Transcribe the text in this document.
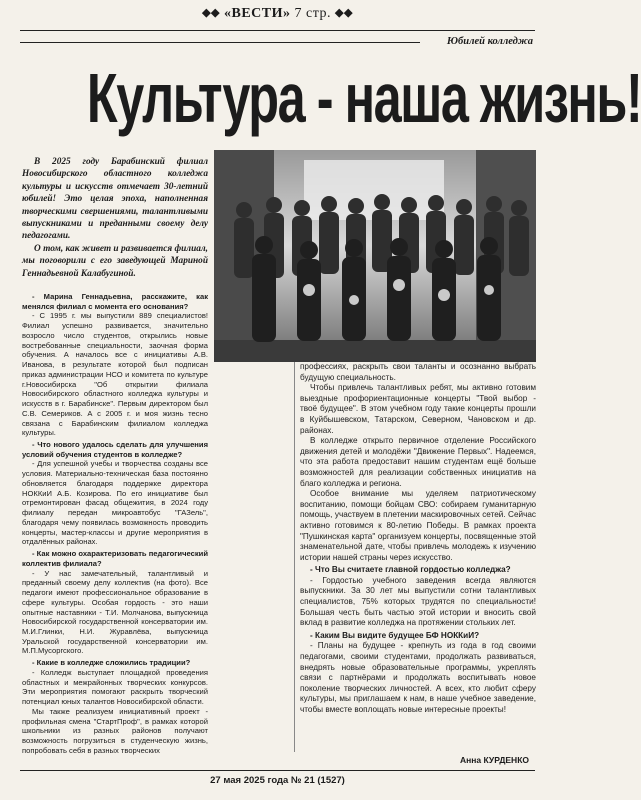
◆◆ «ВЕСТИ» 7 стр. ◆◆
Юбилей колледжа
Культура - наша жизнь!

В 2025 году Барабинский филиал Новосибирского областного колледжа культуры и искусств отмечает 30-летний юбилей! Это целая эпоха, наполненная творческими свершениями, талантливыми выпускниками и преданными своему делу педагогами.

О том, как живет и развивается филиал, мы поговорили с его заведующей Мариной Геннадьевной Калабугиной.

- Марина Геннадьевна, расскажите, как менялся филиал с момента его основания?

- С 1995 г. мы выпустили 889 специалистов! Филиал успешно развивается, значительно возросло число студентов, открылись новые востребованные специальности, заочная форма обучения. А началось все с инициативы А.В. Иванова, в результате которой был подписан приказ администрации НСО и комитета по культуре г.Новосибирска "Об открытии филиала Новосибирского областного колледжа культуры и искусств в г. Барабинске". Первым директором был С.В. Семериков. А с 2005 г. и моя жизнь тесно связана с Барабинским филиалом колледжа культуры.

- Что нового удалось сделать для улучшения условий обучения студентов в колледже?

- Для успешной учебы и творчества созданы все условия. Материально-техническая база постоянно обновляется благодаря поддержке директора НОККиИ А.Б. Козирова. По его инициативе был отремонтирован фасад общежития, в 2024 году филиалу передан микроавтобус "ГАЗель", благодаря чему появилась возможность проводить концерты, мастер-классы и другие мероприятия в отдалённых районах.

- Как можно охарактеризовать педагогический коллектив филиала?

- У нас замечательный, талантливый и преданный своему делу коллектив (на фото). Все педагоги имеют профессиональное образование в сфере культуры. Особая гордость - это наши опытные наставники - Т.И. Молчанова, выпускница Новосибирской государственной консерватории им. М.И.Глинки, Н.И. Журавлёва, выпускница Уральской государственной консерватории им. М.П.Мусоргского.

- Какие в колледже сложились традиции?

- Колледж выступает площадкой проведения областных и межрайонных творческих конкурсов. Эти мероприятия помогают раскрыть творческий потенциал юных талантов Новосибирской области.

Мы также реализуем инициативный проект - профильная смена "СтартПроф", в рамках которой школьники из разных районов получают возможность погрузиться в студенческую жизнь, попробовать себя в разных творческих

профессиях, раскрыть свои таланты и осознанно выбрать будущую специальность.

Чтобы привлечь талантливых ребят, мы активно готовим выездные профориентационные концерты "Твой выбор - твоё будущее". В этом учебном году такие концерты прошли в Куйбышевском, Татарском, Северном, Чановском и др. районах.

В колледже открыто первичное отделение Российского движения детей и молодёжи "Движение Первых". Надеемся, что эта работа предоставит нашим студентам ещё больше возможностей для реализации собственных инициатив на благо колледжа и региона.

Особое внимание мы уделяем патриотическому воспитанию, помощи бойцам СВО: собираем гуманитарную помощь, участвуем в плетении маскировочных сетей. Сейчас активно готовимся к 80-летию Победы. В рамках проекта "Пушкинская карта" организуем концерты, посвященные этой знаменательной дате, чтобы привлечь молодежь к изучению истории нашей страны через искусство.

- Что Вы считаете главной гордостью колледжа?

- Гордостью учебного заведения всегда являются выпускники. За 30 лет мы выпустили сотни талантливых специалистов, 75% которых трудятся по специальности! Большая честь быть частью этой истории и вносить свой вклад в развитие колледжа на протяжении стольких лет.

- Каким Вы видите будущее БФ НОККиИ?

- Планы на будущее - крепнуть из года в год своими педагогами, своими студентами, продолжать развиваться, внедрять новые образовательные программы, укреплять связи с партнёрами и продолжать воспитывать новое поколение творческих личностей. А всех, кто любит сферу культуры, мы приглашаем к нам, в наше учебное заведение, чтобы вместе воплощать новые интересные проекты!

Анна КУРДЕНКО
27 мая 2025 года № 21 (1527)
